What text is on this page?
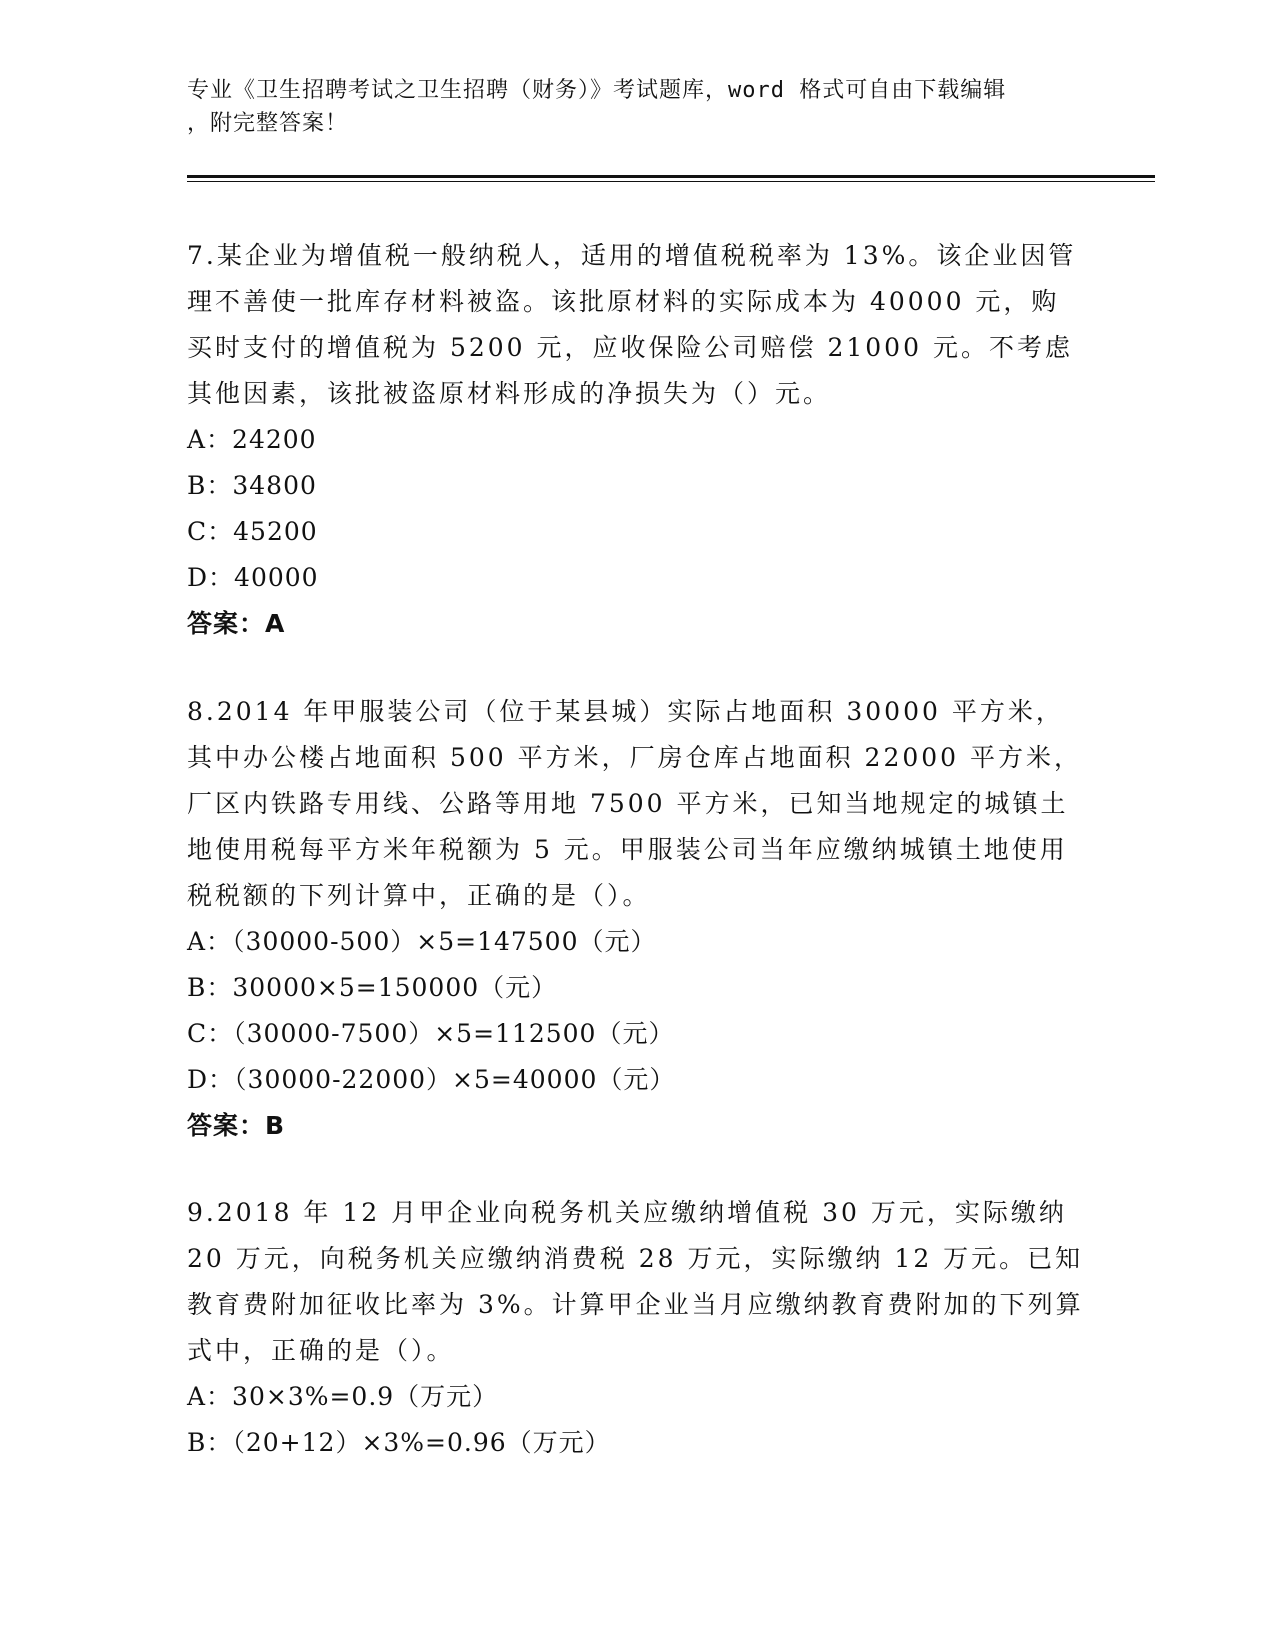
专业《卫生招聘考试之卫生招聘（财务）》考试题库，word 格式可自由下载编辑
，附完整答案！

7.某企业为增值税一般纳税人，适用的增值税税率为 13%。该企业因管理不善使一批库存材料被盗。该批原材料的实际成本为 40000 元，购买时支付的增值税为 5200 元，应收保险公司赔偿 21000 元。不考虑其他因素，该批被盗原材料形成的净损失为（）元。

A：24200

B：34800

C：45200

D：40000

答案：A

8.2014 年甲服装公司（位于某县城）实际占地面积 30000 平方米，其中办公楼占地面积 500 平方米，厂房仓库占地面积 22000 平方米，厂区内铁路专用线、公路等用地 7500 平方米，已知当地规定的城镇土地使用税每平方米年税额为 5 元。甲服装公司当年应缴纳城镇土地使用税税额的下列计算中，正确的是（）。

A：（30000-500）×5=147500（元）

B：30000×5=150000（元）

C：（30000-7500）×5=112500（元）

D：（30000-22000）×5=40000（元）

答案：B

9.2018 年 12 月甲企业向税务机关应缴纳增值税 30 万元，实际缴纳 20 万元，向税务机关应缴纳消费税 28 万元，实际缴纳 12 万元。已知教育费附加征收比率为 3%。计算甲企业当月应缴纳教育费附加的下列算式中，正确的是（）。

A：30×3%=0.9（万元）

B：（20+12）×3%=0.96（万元）
